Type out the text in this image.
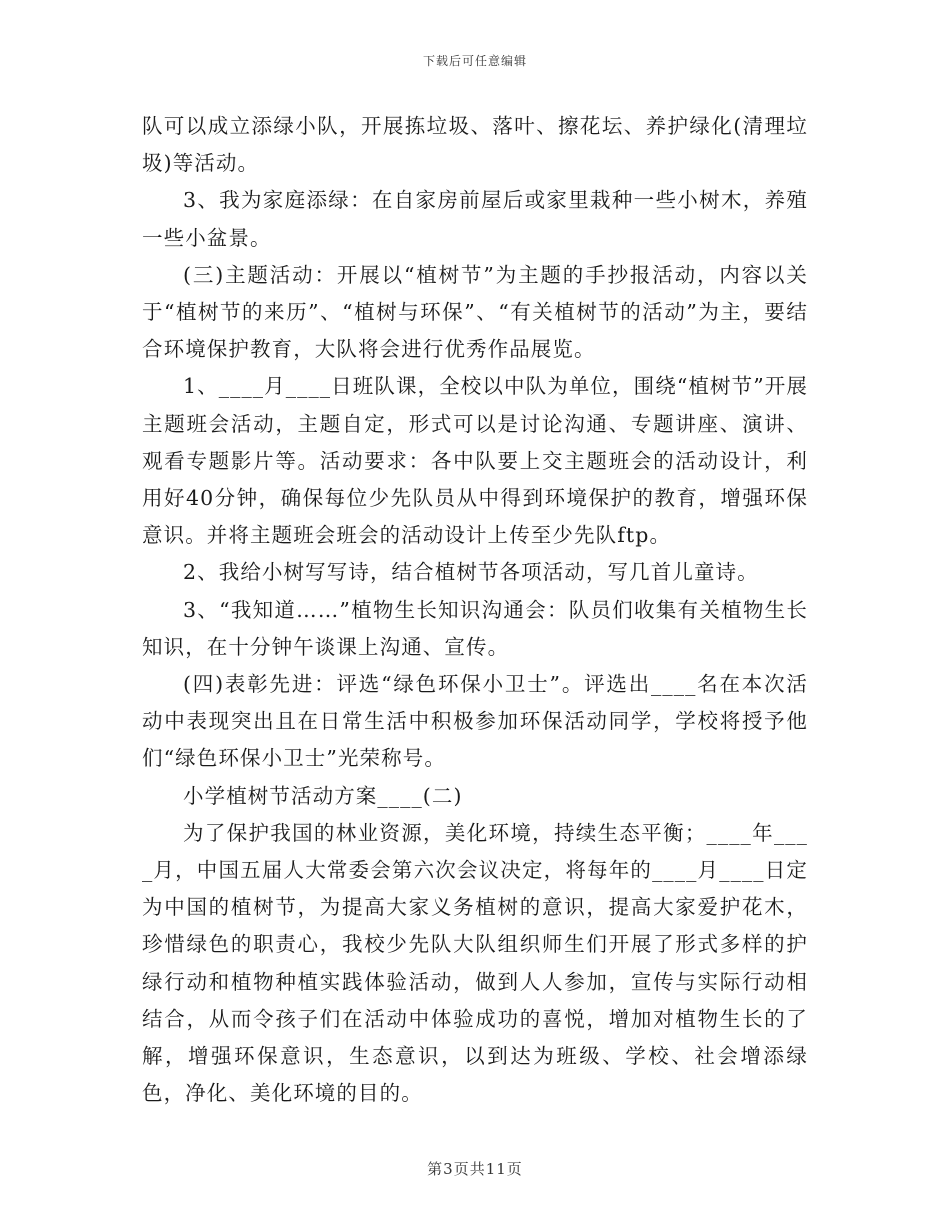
下载后可任意编辑

队可以成立添绿小队，开展拣垃圾、落叶、擦花坛、养护绿化(清理垃圾)等活动。

3、我为家庭添绿：在自家房前屋后或家里栽种一些小树木，养殖一些小盆景。

(三)主题活动：开展以“植树节”为主题的手抄报活动，内容以关于“植树节的来历”、“植树与环保”、“有关植树节的活动”为主，要结合环境保护教育，大队将会进行优秀作品展览。

1、____月____日班队课，全校以中队为单位，围绕“植树节”开展主题班会活动，主题自定，形式可以是讨论沟通、专题讲座、演讲、观看专题影片等。活动要求：各中队要上交主题班会的活动设计，利用好40分钟，确保每位少先队员从中得到环境保护的教育，增强环保意识。并将主题班会班会的活动设计上传至少先队ftp。

2、我给小树写写诗，结合植树节各项活动，写几首儿童诗。

3、“我知道……”植物生长知识沟通会：队员们收集有关植物生长知识，在十分钟午谈课上沟通、宣传。

(四)表彰先进：评选“绿色环保小卫士”。评选出____名在本次活动中表现突出且在日常生活中积极参加环保活动同学，学校将授予他们“绿色环保小卫士”光荣称号。

小学植树节活动方案____(二)

为了保护我国的林业资源，美化环境，持续生态平衡；____年____月，中国五届人大常委会第六次会议决定，将每年的____月____日定为中国的植树节，为提高大家义务植树的意识，提高大家爱护花木，珍惜绿色的职责心，我校少先队大队组织师生们开展了形式多样的护绿行动和植物种植实践体验活动，做到人人参加，宣传与实际行动相结合，从而令孩子们在活动中体验成功的喜悦，增加对植物生长的了解，增强环保意识，生态意识，以到达为班级、学校、社会增添绿色，净化、美化环境的目的。

第3页共11页
